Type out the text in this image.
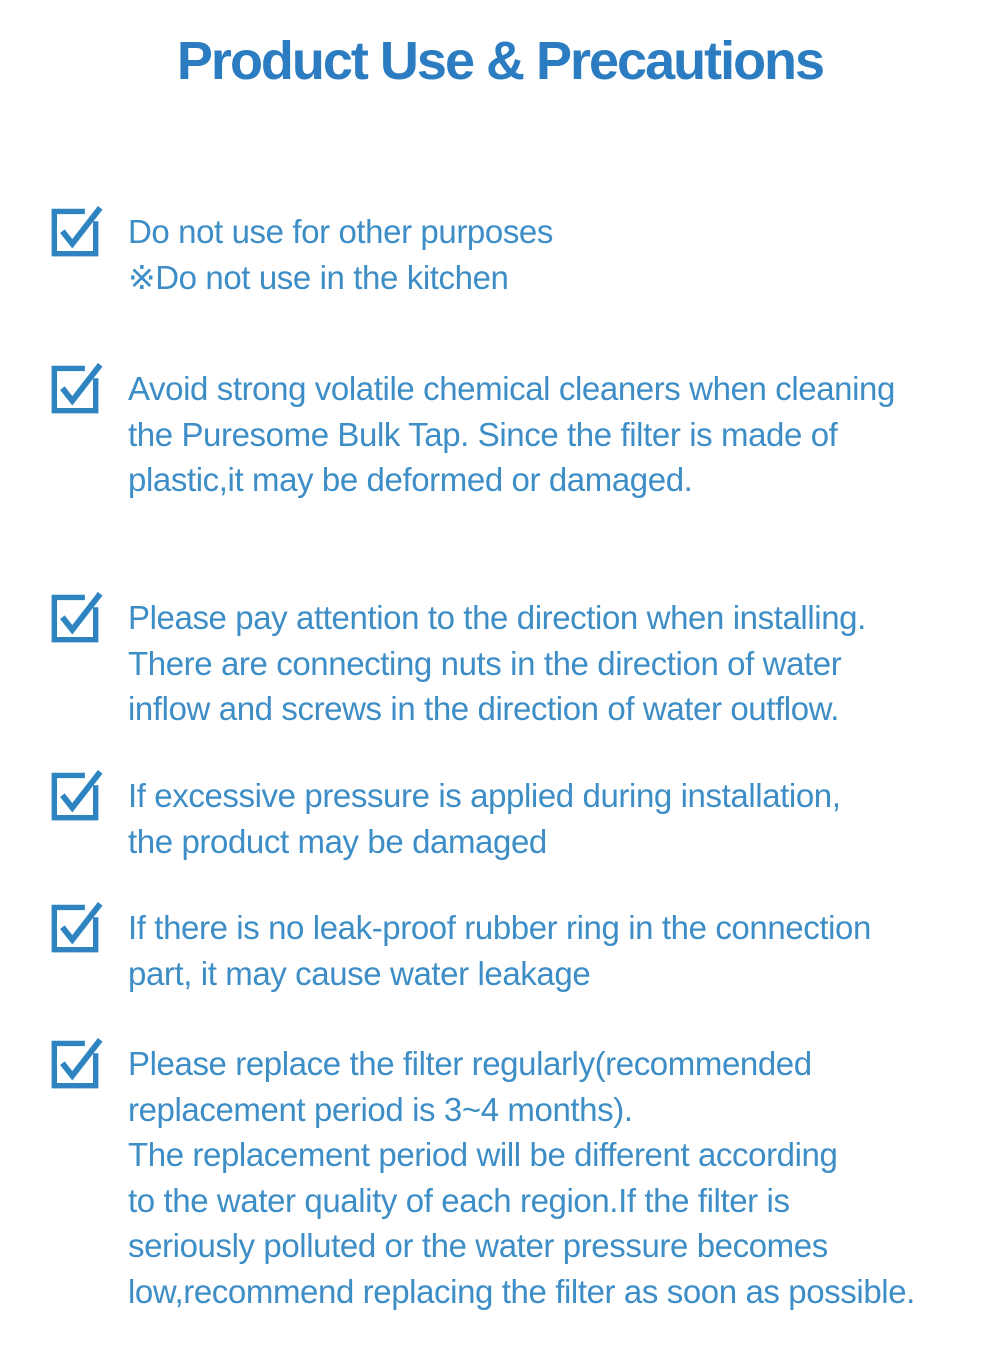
Product Use & Precautions
Do not use for other purposes
※Do not use in the kitchen
Avoid strong volatile chemical cleaners when cleaning
the Puresome Bulk Tap. Since the filter is made of
plastic,it may be deformed or damaged.
Please pay attention to the direction when installing.
There are connecting nuts in the direction of water
inflow and screws in the direction of water outflow.
If excessive pressure is applied during installation,
the product may be damaged
If there is no leak-proof rubber ring in the connection
part, it may cause water leakage
Please replace the filter regularly(recommended
replacement period is 3~4 months).
The replacement period will be different according
to the water quality of each region.If the filter is
seriously polluted or the water pressure becomes
low,recommend replacing the filter as soon as possible.
